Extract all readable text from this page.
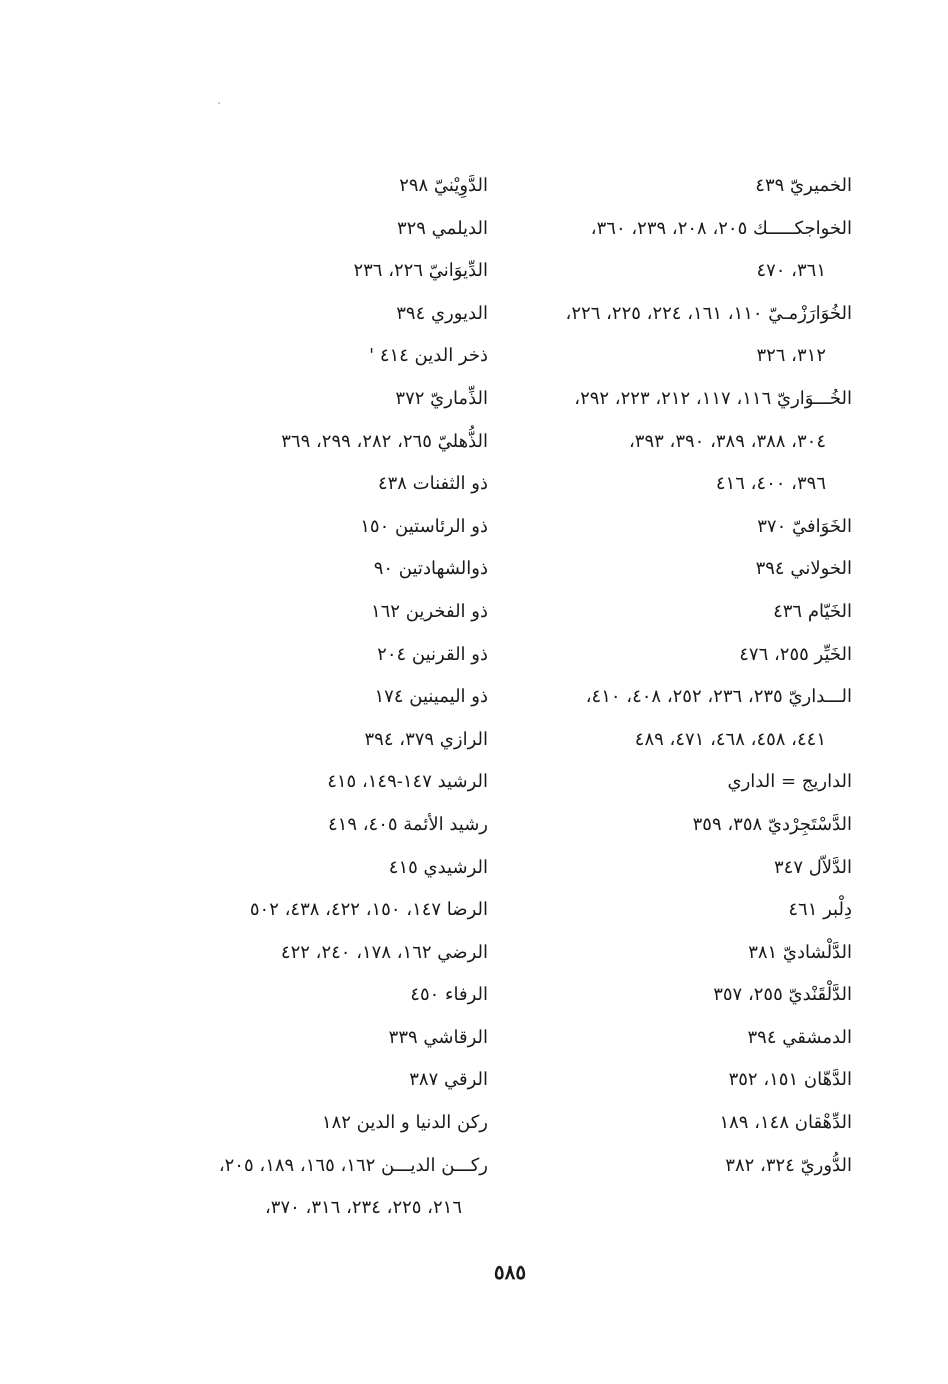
الخميريّ ٤٣٩
الخواجكـــــك ٢٠٥، ٢٠٨، ٢٣٩، ٣٦٠،
٣٦١، ٤٧٠
الخُوَارَزْمـيّ ١١٠، ١٦١، ٢٢٤، ٢٢٥، ٢٢٦،
٣١٢، ٣٢٦
الخُـــوَاريّ ١١٦، ١١٧، ٢١٢، ٢٢٣، ٢٩٢،
٣٠٤، ٣٨٨، ٣٨٩، ٣٩٠، ٣٩٣،
٣٩٦، ٤٠٠، ٤١٦
الخَوَافيّ ٣٧٠
الخولاني ٣٩٤
الخَيّام ٤٣٦
الخَيِّر ٢٥٥، ٤٧٦
الـــداريّ ٢٣٥، ٢٣٦، ٢٥٢، ٤٠٨، ٤١٠،
٤٤١، ٤٥٨، ٤٦٨، ٤٧١، ٤٨٩
الداريج = الداري
الدَّسْتَجِرْديّ ٣٥٨، ٣٥٩
الدَّلاّل ٣٤٧
دِلْبر ٤٦١
الدَّلْشاديّ ٣٨١
الدَّلْقَنْديّ ٢٥٥، ٣٥٧
الدمشقي ٣٩٤
الدَّهّان ١٥١، ٣٥٢
الدِّهْقان ١٤٨، ١٨٩
الدُّوريّ ٣٢٤، ٣٨٢
الدَّوِيْنيّ ٢٩٨
الديلمي ٣٢٩
الدِّيوَانيّ ٢٢٦، ٢٣٦
الديوري ٣٩٤
ذخر الدين ٤١٤ '
الذِّماريّ ٣٧٢
الذُّهليّ ٢٦٥، ٢٨٢، ٢٩٩، ٣٦٩
ذو الثفنات ٤٣٨
ذو الرئاستين ١٥٠
ذوالشهادتين ٩٠
ذو الفخرين ١٦٢
ذو القرنين ٢٠٤
ذو اليمينين ١٧٤
الرازي ٣٧٩، ٣٩٤
الرشيد ١٤٧-١٤٩، ٤١٥
رشيد الأئمة ٤٠٥، ٤١٩
الرشيدي ٤١٥
الرضا ١٤٧، ١٥٠، ٤٢٢، ٤٣٨، ٥٠٢
الرضي ١٦٢، ١٧٨، ٢٤٠، ٤٢٢
الرفاء ٤٥٠
الرقاشي ٣٣٩
الرقي ٣٨٧
ركن الدنيا و الدين ١٨٢
ركـــن الديـــن ١٦٢، ١٦٥، ١٨٩، ٢٠٥،
٢١٦، ٢٢٥، ٢٣٤، ٣١٦، ٣٧٠،
٥٨٥
